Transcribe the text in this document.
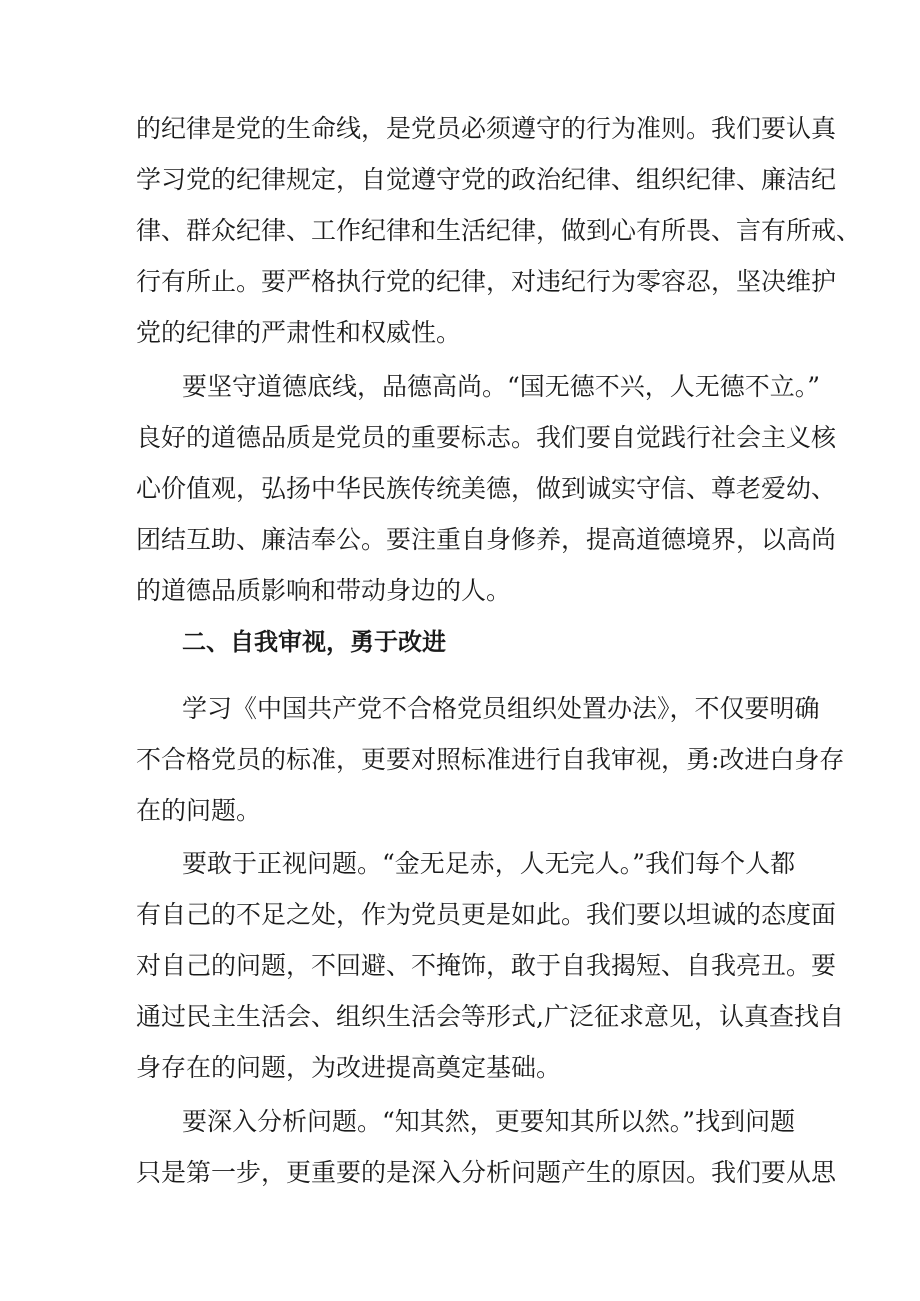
的纪律是党的生命线，是党员必须遵守的行为准则。我们要认真
学习党的纪律规定，自觉遵守党的政治纪律、组织纪律、廉洁纪
律、群众纪律、工作纪律和生活纪律，做到心有所畏、言有所戒、
行有所止。要严格执行党的纪律，对违纪行为零容忍，坚决维护
党的纪律的严肃性和权威性。
要坚守道德底线，品德高尚。“国无德不兴，人无德不立。”
良好的道德品质是党员的重要标志。我们要自觉践行社会主义核
心价值观，弘扬中华民族传统美德，做到诚实守信、尊老爱幼、
团结互助、廉洁奉公。要注重自身修养，提高道德境界，以高尚
的道德品质影响和带动身边的人。
二、自我审视，勇于改进
学习《中国共产党不合格党员组织处置办法》，不仅要明确
不合格党员的标准，更要对照标准进行自我审视，勇:改进白身存
在的问题。
要敢于正视问题。“金无足赤，人无完人。”我们每个人都
有自己的不足之处，作为党员更是如此。我们要以坦诚的态度面
对自己的问题，不回避、不掩饰，敢于自我揭短、自我亮丑。要
通过民主生活会、组织生活会等形式,广泛征求意见，认真查找自
身存在的问题，为改进提高奠定基础。
要深入分析问题。“知其然，更要知其所以然。”找到问题
只是第一步，更重要的是深入分析问题产生的原因。我们要从思
